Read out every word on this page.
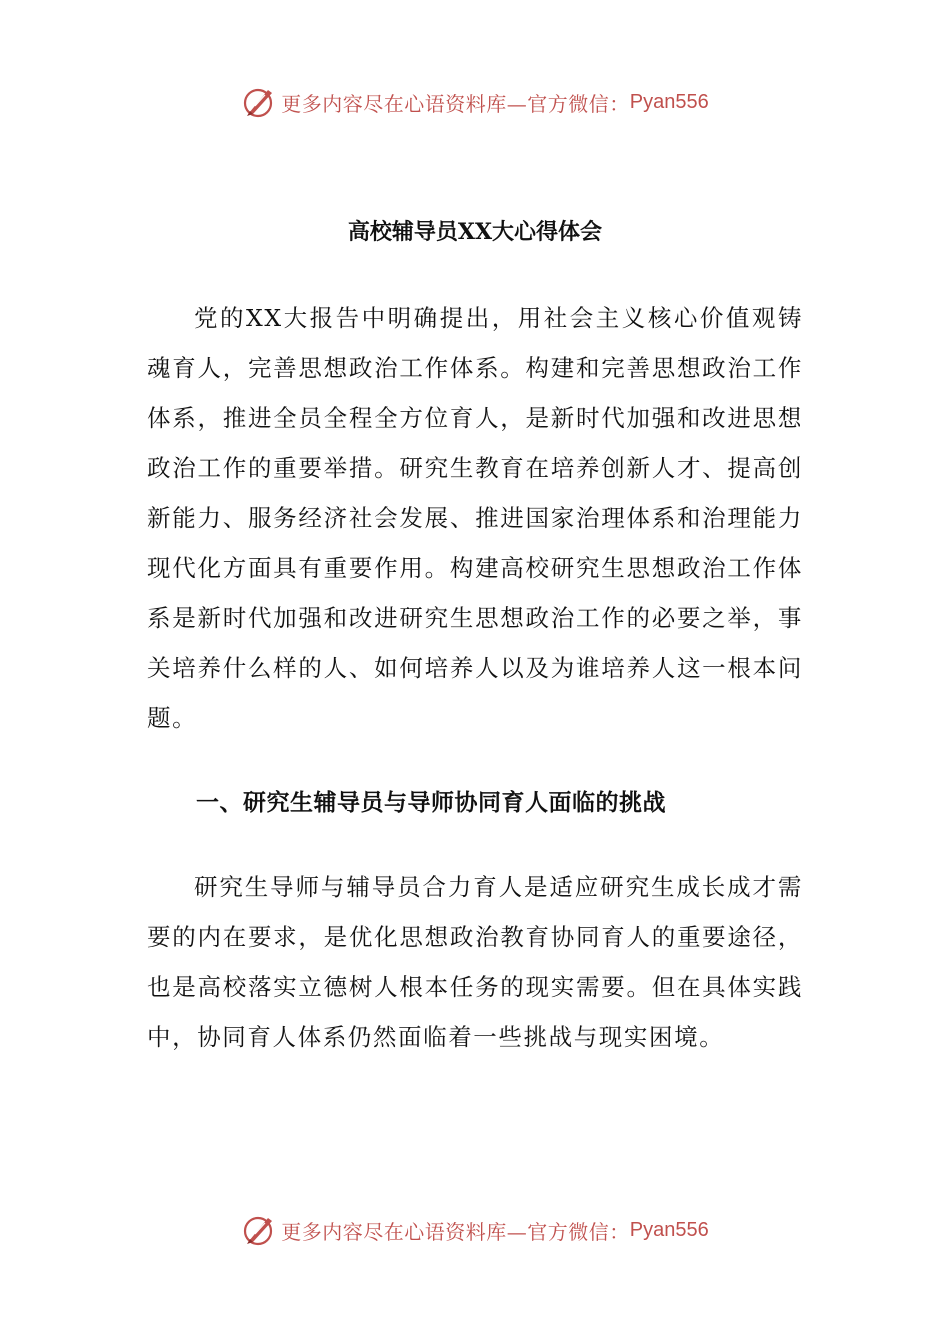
更多内容尽在心语资料库—官方微信： Pyan556
高校辅导员XX大心得体会

党的XX大报告中明确提出，用社会主义核心价值观铸魂育人，完善思想政治工作体系。构建和完善思想政治工作体系，推进全员全程全方位育人，是新时代加强和改进思想政治工作的重要举措。研究生教育在培养创新人才、提高创新能力、服务经济社会发展、推进国家治理体系和治理能力现代化方面具有重要作用。构建高校研究生思想政治工作体系是新时代加强和改进研究生思想政治工作的必要之举，事关培养什么样的人、如何培养人以及为谁培养人这一根本问题。

一、研究生辅导员与导师协同育人面临的挑战

研究生导师与辅导员合力育人是适应研究生成长成才需要的内在要求，是优化思想政治教育协同育人的重要途径，也是高校落实立德树人根本任务的现实需要。但在具体实践中，协同育人体系仍然面临着一些挑战与现实困境。

更多内容尽在心语资料库—官方微信： Pyan556
